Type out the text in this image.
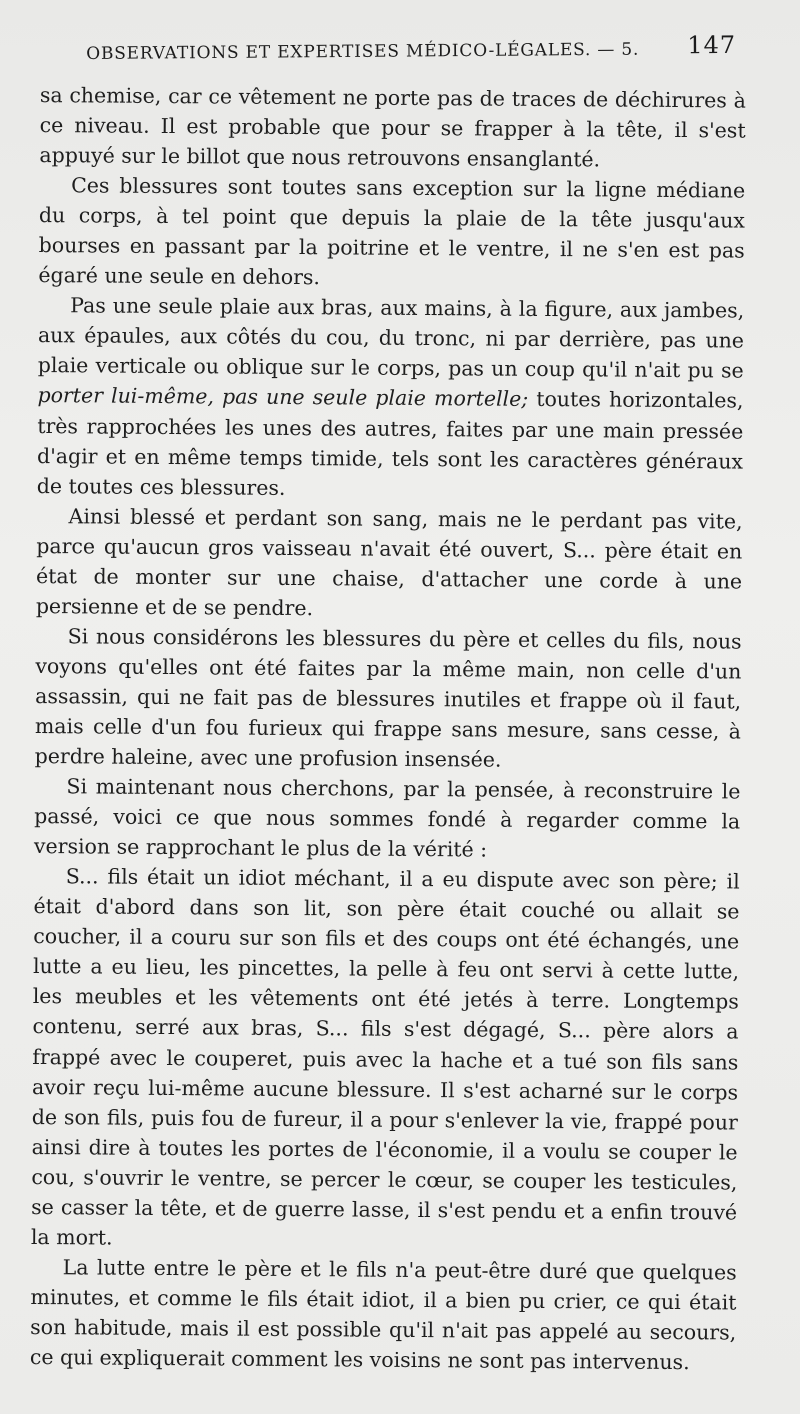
OBSERVATIONS ET EXPERTISES MÉDICO-LÉGALES. — 5. 147

sa chemise, car ce vêtement ne porte pas de traces de déchirures à ce niveau. Il est probable que pour se frapper à la tête, il s'est appuyé sur le billot que nous retrouvons ensanglanté.

Ces blessures sont toutes sans exception sur la ligne médiane du corps, à tel point que depuis la plaie de la tête jusqu'aux bourses en passant par la poitrine et le ventre, il ne s'en est pas égaré une seule en dehors.

Pas une seule plaie aux bras, aux mains, à la figure, aux jambes, aux épaules, aux côtés du cou, du tronc, ni par derrière, pas une plaie verticale ou oblique sur le corps, pas un coup qu'il n'ait pu se porter lui-même, pas une seule plaie mortelle; toutes horizontales, très rapprochées les unes des autres, faites par une main pressée d'agir et en même temps timide, tels sont les caractères généraux de toutes ces blessures.

Ainsi blessé et perdant son sang, mais ne le perdant pas vite, parce qu'aucun gros vaisseau n'avait été ouvert, S... père était en état de monter sur une chaise, d'attacher une corde à une persienne et de se pendre.

Si nous considérons les blessures du père et celles du fils, nous voyons qu'elles ont été faites par la même main, non celle d'un assassin, qui ne fait pas de blessures inutiles et frappe où il faut, mais celle d'un fou furieux qui frappe sans mesure, sans cesse, à perdre haleine, avec une profusion insensée.

Si maintenant nous cherchons, par la pensée, à reconstruire le passé, voici ce que nous sommes fondé à regarder comme la version se rapprochant le plus de la vérité :

S... fils était un idiot méchant, il a eu dispute avec son père; il était d'abord dans son lit, son père était couché ou allait se coucher, il a couru sur son fils et des coups ont été échangés, une lutte a eu lieu, les pincettes, la pelle à feu ont servi à cette lutte, les meubles et les vêtements ont été jetés à terre. Longtemps contenu, serré aux bras, S... fils s'est dégagé, S... père alors a frappé avec le couperet, puis avec la hache et a tué son fils sans avoir reçu lui-même aucune blessure. Il s'est acharné sur le corps de son fils, puis fou de fureur, il a pour s'enlever la vie, frappé pour ainsi dire à toutes les portes de l'économie, il a voulu se couper le cou, s'ouvrir le ventre, se percer le cœur, se couper les testicules, se casser la tête, et de guerre lasse, il s'est pendu et a enfin trouvé la mort.

La lutte entre le père et le fils n'a peut-être duré que quelques minutes, et comme le fils était idiot, il a bien pu crier, ce qui était son habitude, mais il est possible qu'il n'ait pas appelé au secours, ce qui expliquerait comment les voisins ne sont pas intervenus.
